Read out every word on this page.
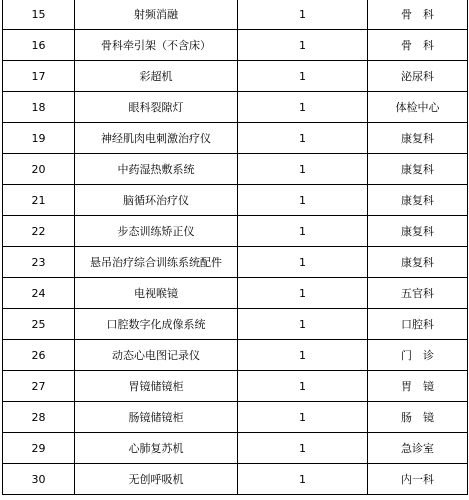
15	射频消融	1	骨　科
16	骨科牵引架（不含床）	1	骨　科
17	彩超机	1	泌尿科
18	眼科裂隙灯	1	体检中心
19	神经肌肉电刺激治疗仪	1	康复科
20	中药湿热敷系统	1	康复科
21	脑循环治疗仪	1	康复科
22	步态训练矫正仪	1	康复科
23	悬吊治疗综合训练系统配件	1	康复科
24	电视喉镜	1	五官科
25	口腔数字化成像系统	1	口腔科
26	动态心电图记录仪	1	门　诊
27	胃镜储镜柜	1	胃　镜
28	肠镜储镜柜	1	肠　镜
29	心肺复苏机	1	急诊室
30	无创呼吸机	1	内一科
